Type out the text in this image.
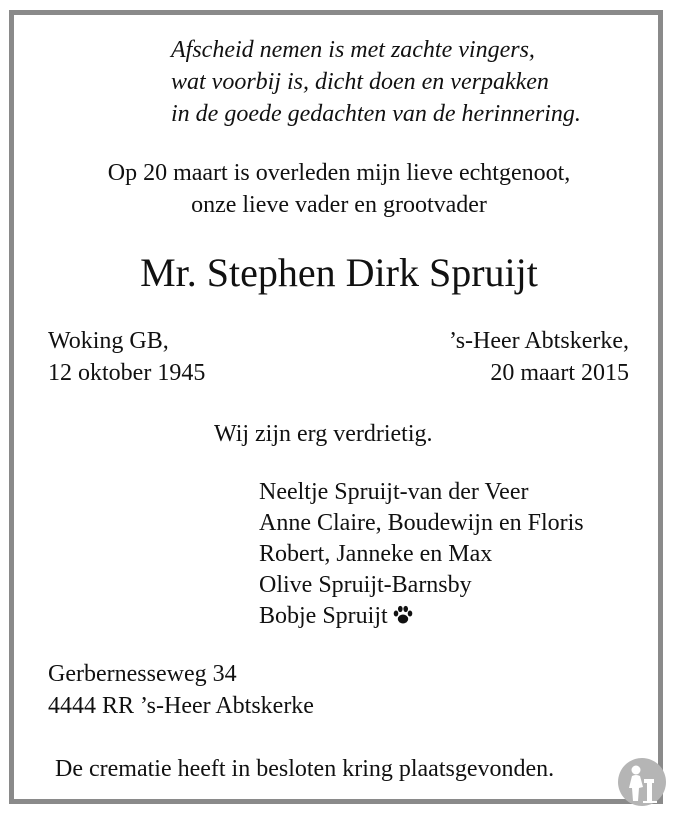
Afscheid nemen is met zachte vingers,
wat voorbij is, dicht doen en verpakken
in de goede gedachten van de herinnering.
Op 20 maart is overleden mijn lieve echtgenoot,
onze lieve vader en grootvader
Mr. Stephen Dirk Spruijt
Woking GB,
12 oktober 1945
’s-Heer Abtskerke,
20 maart 2015
Wij zijn erg verdrietig.
Neeltje Spruijt-van der Veer
Anne Claire, Boudewijn en Floris
Robert, Janneke en Max
Olive Spruijt-Barnsby
Bobje Spruijt
Gerbernesseweg 34
4444 RR ’s-Heer Abtskerke
De crematie heeft in besloten kring plaatsgevonden.
